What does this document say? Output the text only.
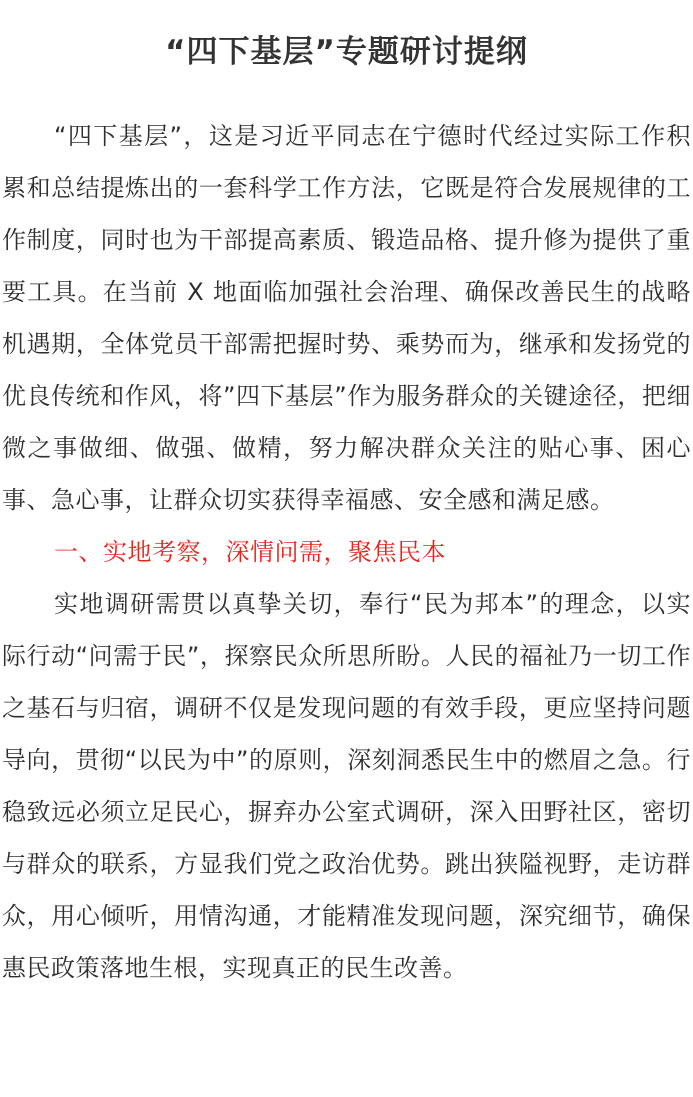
“四下基层”专题研讨提纲

“四下基层”，这是习近平同志在宁德时代经过实际工作积累和总结提炼出的一套科学工作方法，它既是符合发展规律的工作制度，同时也为干部提高素质、锻造品格、提升修为提供了重要工具。在当前 X 地面临加强社会治理、确保改善民生的战略机遇期，全体党员干部需把握时势、乘势而为，继承和发扬党的优良传统和作风，将”四下基层”作为服务群众的关键途径，把细微之事做细、做强、做精，努力解决群众关注的贴心事、困心事、急心事，让群众切实获得幸福感、安全感和满足感。

一、实地考察，深情问需，聚焦民本

实地调研需贯以真挚关切，奉行“民为邦本”的理念，以实际行动“问需于民”，探察民众所思所盼。人民的福祉乃一切工作之基石与归宿，调研不仅是发现问题的有效手段，更应坚持问题导向，贯彻“以民为中”的原则，深刻洞悉民生中的燃眉之急。行稳致远必须立足民心，摒弃办公室式调研，深入田野社区，密切与群众的联系，方显我们党之政治优势。跳出狭隘视野，走访群众，用心倾听，用情沟通，才能精准发现问题，深究细节，确保惠民政策落地生根，实现真正的民生改善。
